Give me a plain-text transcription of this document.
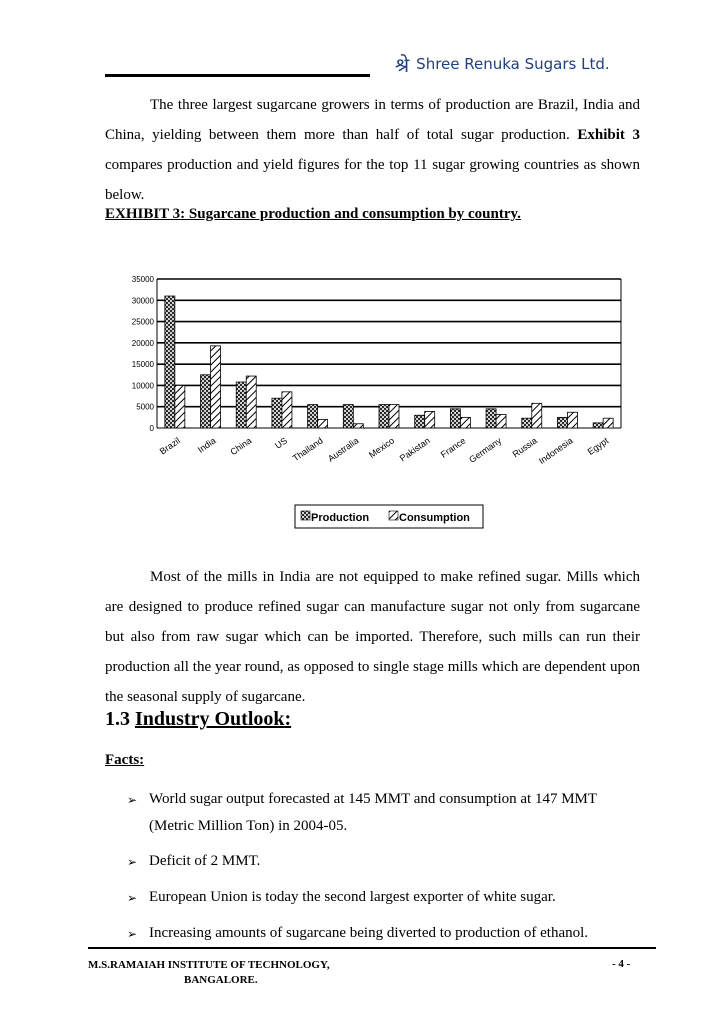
श्रे Shree Renuka Sugars Ltd.

The three largest sugarcane growers in terms of production are Brazil, India and China, yielding between them more than half of total sugar production. Exhibit 3 compares production and yield figures for the top 11 sugar growing countries as shown below.

EXHIBIT 3: Sugarcane production and consumption by country.
0
5000
10000
15000
20000
25000
30000
35000
Brazil India China US Thailand Australia Mexico Pakistan France Germany Russia
Indonesia Egypt
Production	Consumption

Most of the mills in India are not equipped to make refined sugar. Mills which are designed to produce refined sugar can manufacture sugar not only from sugarcane but also from raw sugar which can be imported. Therefore, such mills can run their production all the year round, as opposed to single stage mills which are dependent upon the seasonal supply of sugarcane.

1.3 Industry Outlook:
Facts:
➢ World sugar output forecasted at 145 MMT and consumption at 147 MMT (Metric Million Ton) in 2004-05.
➢ Deficit of 2 MMT.
➢ European Union is today the second largest exporter of white sugar.
➢ Increasing amounts of sugarcane being diverted to production of ethanol.
M.S.RAMAIAH INSTITUTE OF TECHNOLOGY,
BANGALORE.
- 4 -
